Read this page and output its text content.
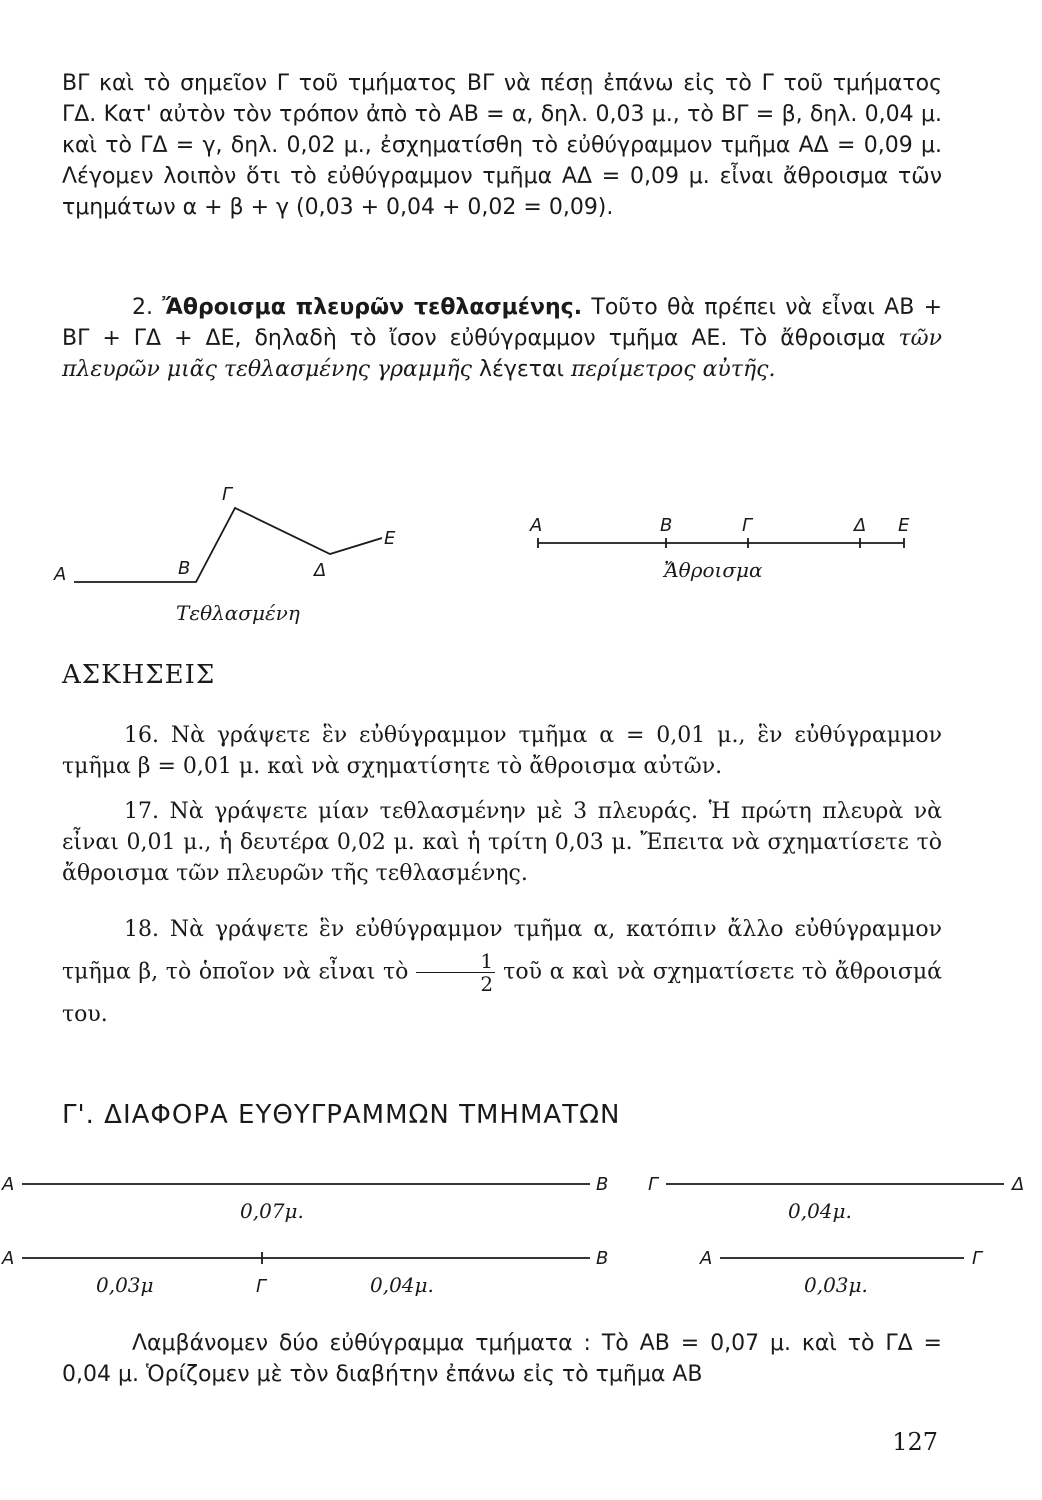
ΒΓ καὶ τὸ σημεῖον Γ τοῦ τμήματος ΒΓ νὰ πέσῃ ἐπάνω εἰς τὸ Γ τοῦ τμήματος ΓΔ. Κατ' αὐτὸν τὸν τρόπον ἀπὸ τὸ ΑΒ = α, δηλ. 0,03 μ., τὸ ΒΓ = β, δηλ. 0,04 μ. καὶ τὸ ΓΔ = γ, δηλ. 0,02 μ., ἐσχηματίσθη τὸ εὐθύγραμμον τμῆμα ΑΔ = 0,09 μ. Λέγομεν λοιπὸν ὅτι τὸ εὐθύγραμμον τμῆμα ΑΔ = 0,09 μ. εἶναι ἄθροισμα τῶν τμημάτων α + β + γ (0,03 + 0,04 + 0,02 = 0,09).

2. Ἄθροισμα πλευρῶν τεθλασμένης. Τοῦτο θὰ πρέπει νὰ εἶναι ΑΒ + ΒΓ + ΓΔ + ΔΕ, δηλαδὴ τὸ ἴσον εὐθύγραμμον τμῆμα ΑΕ. Τὸ ἄθροισμα τῶν πλευρῶν μιᾶς τεθλασμένης γραμμῆς λέγεται περίμετρος αὐτῆς.

Α	Β
Γ
Δ
Ε
Τεθλασμένη
Α	Β	Γ	Δ Ε
Ἄθροισμα

ΑΣΚΗΣΕΙΣ

16. Νὰ γράψετε ἓν εὐθύγραμμον τμῆμα α = 0,01 μ., ἓν εὐθύγραμμον τμῆμα β = 0,01 μ. καὶ νὰ σχηματίσητε τὸ ἄθροισμα αὐτῶν.

17. Νὰ γράψετε μίαν τεθλασμένην μὲ 3 πλευράς. Ἡ πρώτη πλευρὰ νὰ εἶναι 0,01 μ., ἡ δευτέρα 0,02 μ. καὶ ἡ τρίτη 0,03 μ. Ἔπειτα νὰ σχηματίσετε τὸ ἄθροισμα τῶν πλευρῶν τῆς τεθλασμένης.

18. Νὰ γράψετε ἓν εὐθύγραμμον τμῆμα α, κατόπιν ἄλλο εὐθύγραμμον τμῆμα β, τὸ ὁποῖον νὰ εἶναι τὸ $\frac{1}{2}$ τοῦ α καὶ νὰ σχηματίσετε τὸ ἄθροισμά του.

Γ'. ΔΙΑΦΟΡΑ ΕΥΘΥΓΡΑΜΜΩΝ ΤΜΗΜΑΤΩΝ

Α	Β
0,07μ.
Γ	Δ
0,04μ.
Α
Γ
Β
0,03μ	0,04μ.
Α	Γ
0,03μ.

Λαμβάνομεν δύο εὐθύγραμμα τμήματα : Τὸ ΑΒ = 0,07 μ. καὶ τὸ ΓΔ = 0,04 μ. Ὁρίζομεν μὲ τὸν διαβήτην ἐπάνω εἰς τὸ τμῆμα ΑΒ

127
